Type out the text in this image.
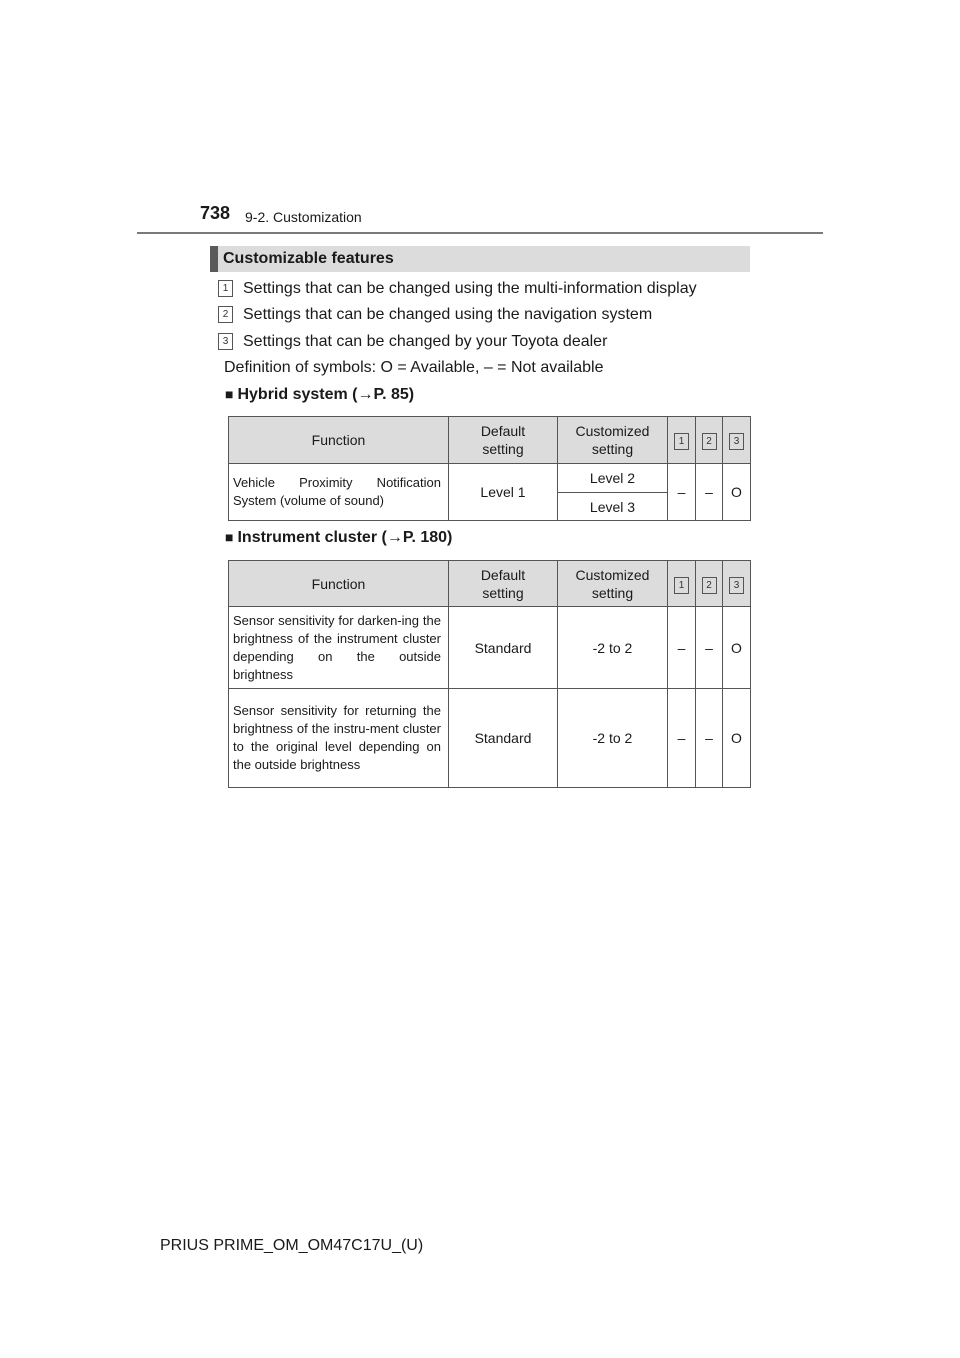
738 9-2. Customization
Customizable features
1 Settings that can be changed using the multi-information display
2 Settings that can be changed using the navigation system
3 Settings that can be changed by your Toyota dealer
Definition of symbols: O = Available, – = Not available
■ Hybrid system (→P. 85)
Function	Default setting	Customized setting	1	2	3
Vehicle Proximity Notification System (volume of sound)	Level 1	Level 2	–	–	O
		Level 3			
■ Instrument cluster (→P. 180)
Function	Default setting	Customized setting	1	2	3
Sensor sensitivity for darken-ing the brightness of the instrument cluster depending on the outside brightness	Standard	-2 to 2	–	–	O
Sensor sensitivity for returning the brightness of the instru-ment cluster to the original level depending on the outside brightness	Standard	-2 to 2	–	–	O
PRIUS PRIME_OM_OM47C17U_(U)
